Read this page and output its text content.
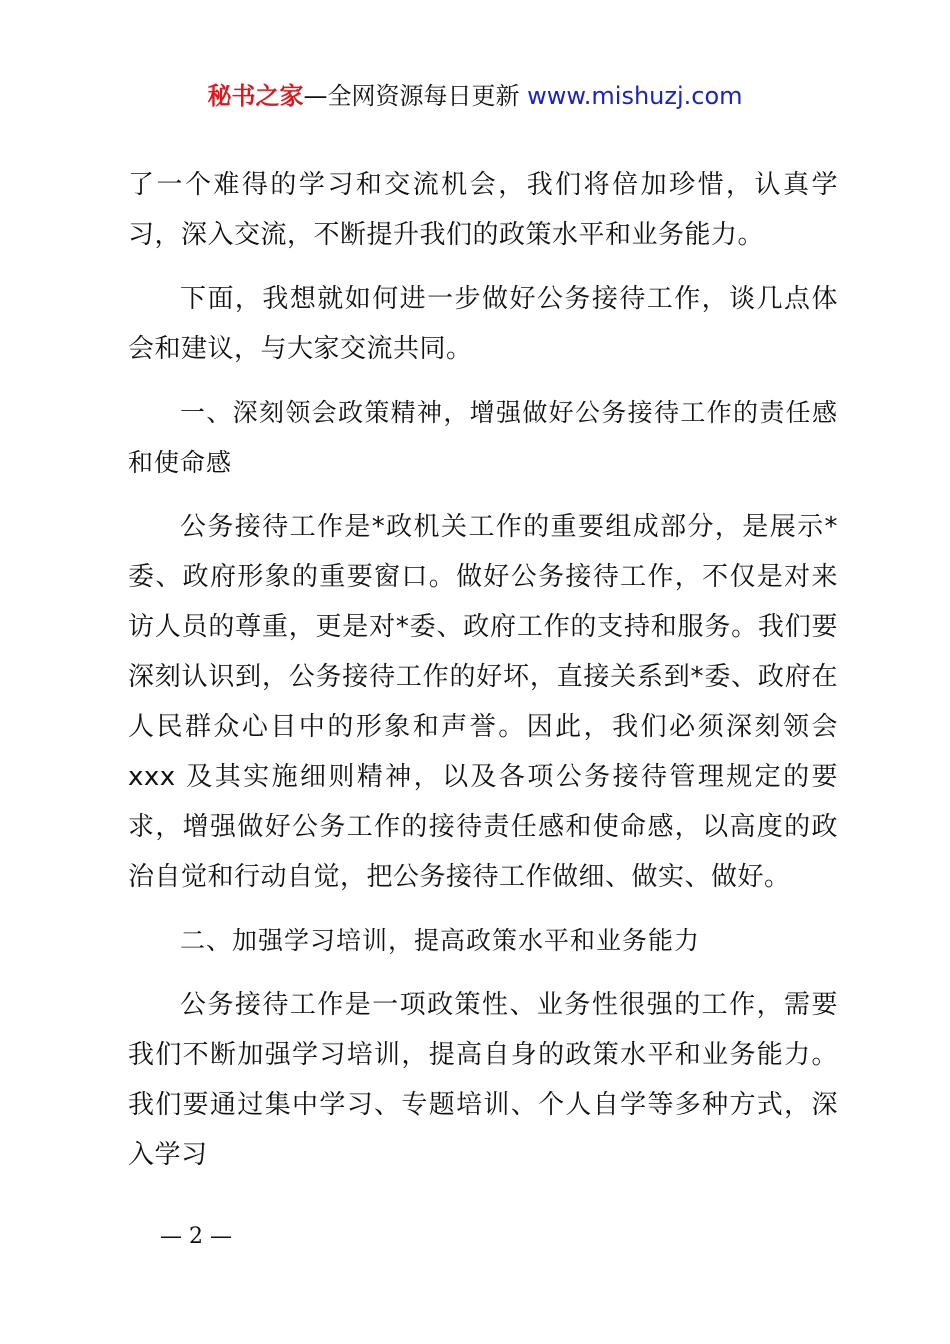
秘书之家—全网资源每日更新 www.mishuzj.com

了一个难得的学习和交流机会，我们将倍加珍惜，认真学习，深入交流，不断提升我们的政策水平和业务能力。

下面，我想就如何进一步做好公务接待工作，谈几点体会和建议，与大家交流共同。

一、深刻领会政策精神，增强做好公务接待工作的责任感和使命感

公务接待工作是*政机关工作的重要组成部分，是展示*委、政府形象的重要窗口。做好公务接待工作，不仅是对来访人员的尊重，更是对*委、政府工作的支持和服务。我们要深刻认识到，公务接待工作的好坏，直接关系到*委、政府在人民群众心目中的形象和声誉。因此，我们必须深刻领会 xxx 及其实施细则精神，以及各项公务接待管理规定的要求，增强做好公务工作的接待责任感和使命感，以高度的政治自觉和行动自觉，把公务接待工作做细、做实、做好。

二、加强学习培训，提高政策水平和业务能力

公务接待工作是一项政策性、业务性很强的工作，需要我们不断加强学习培训，提高自身的政策水平和业务能力。我们要通过集中学习、专题培训、个人自学等多种方式，深入学习

— 2 —
